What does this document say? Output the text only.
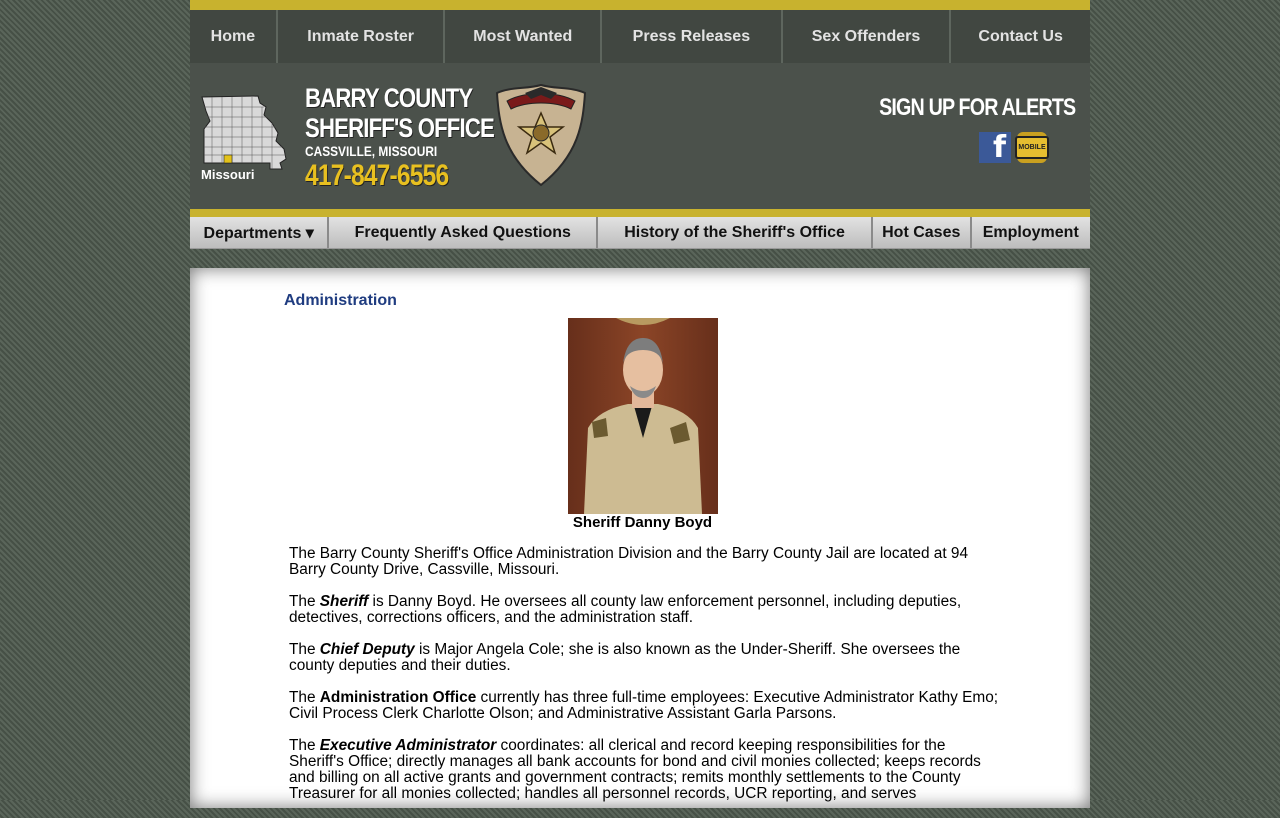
Home	Inmate Roster	Most Wanted	Press Releases	Sex Offenders	Contact Us
Missouri
BARRY COUNTY
SHERIFF'S OFFICE
CASSVILLE, MISSOURI
417-847-6556
SIGN UP FOR ALERTS
f	MOBILE
Departments ▾	Frequently Asked Questions	History of the Sheriff's Office	Hot Cases	Employment
Administration
Sheriff Danny Boyd

The Barry County Sheriff's Office Administration Division and the Barry County Jail are located at 94 Barry County Drive, Cassville, Missouri.

The Sheriff is Danny Boyd. He oversees all county law enforcement personnel, including deputies, detectives, corrections officers, and the administration staff.

The Chief Deputy is Major Angela Cole; she is also known as the Under-Sheriff. She oversees the county deputies and their duties.

The Administration Office currently has three full-time employees: Executive Administrator Kathy Emo; Civil Process Clerk Charlotte Olson; and Administrative Assistant Garla Parsons.

The Executive Administrator coordinates: all clerical and record keeping responsibilities for the Sheriff's Office; directly manages all bank accounts for bond and civil monies collected; keeps records and billing on all active grants and government contracts; remits monthly settlements to the County Treasurer for all monies collected; handles all personnel records, UCR reporting, and serves
